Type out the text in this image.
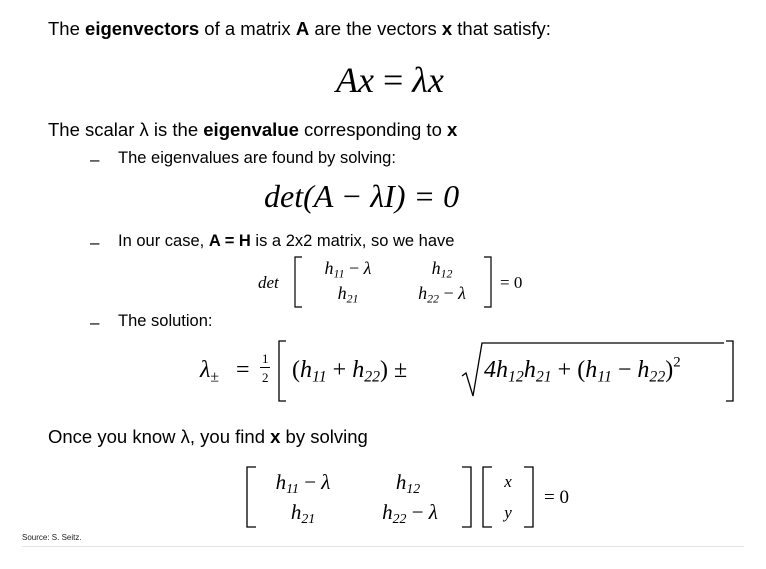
The eigenvectors of a matrix A are the vectors x that satisfy:
Ax = λx
The scalar λ is the eigenvalue corresponding to x
– The eigenvalues are found by solving:
det(A − λI) = 0
– In our case, A = H is a 2x2 matrix, so we have
det
$h_{11} - \lambda$	$h_{12}$
$h_{21}$	$h_{22} - \lambda$
= 0
– The solution:
$\lambda_\pm = 1$
2 $(h_{11} + h_{22})$ ±	$4h_{12}h_{21} + (h_{11} - h_{22})^2$
Once you know λ, you find x by solving
$h_{11} - \lambda$	$h_{12}$
$h_{21}$	$h_{22} - \lambda$
x
y
= 0
Source: S. Seitz.
